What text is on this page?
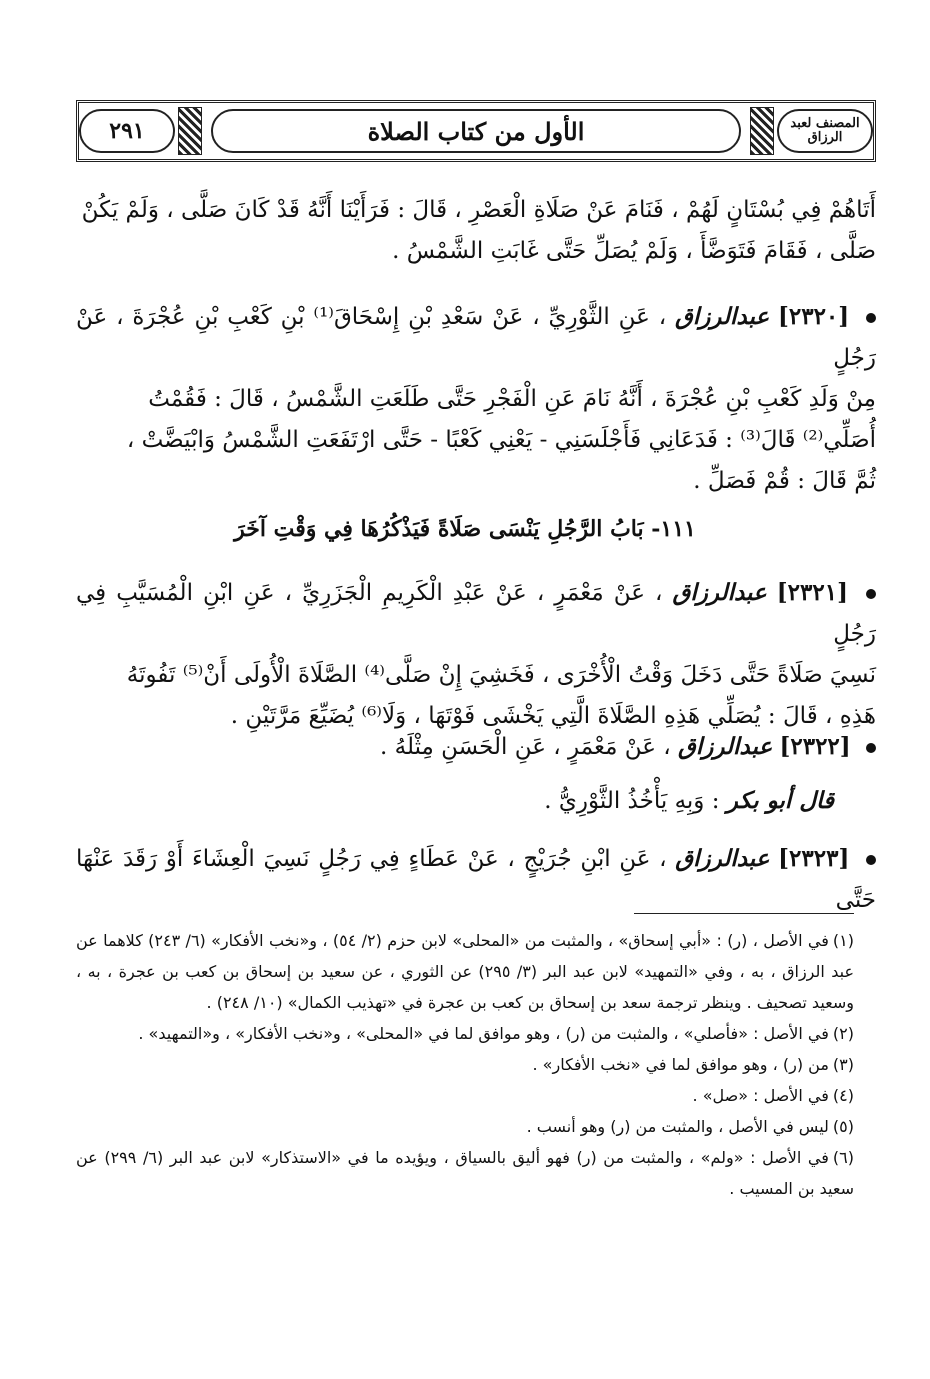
المصنف لعبد الرزاق
الأول من كتاب الصلاة
٢٩١
أَتَاهُمْ فِي بُسْتَانٍ لَهُمْ ، فَنَامَ عَنْ صَلَاةِ الْعَصْرِ ، قَالَ : فَرَأَيْنَا أَنَّهُ قَدْ كَانَ صَلَّى ، وَلَمْ يَكُنْ
صَلَّى ، فَقَامَ فَتَوَضَّأَ ، وَلَمْ يُصَلِّ حَتَّى غَابَتِ الشَّمْسُ .
[٢٣٢٠] عبدالرزاق ، عَنِ الثَّوْرِيِّ ، عَنْ سَعْدِ بْنِ إِسْحَاقَ⁽¹⁾ بْنِ كَعْبِ بْنِ عُجْرَةَ ، عَنْ رَجُلٍ
مِنْ وَلَدِ كَعْبِ بْنِ عُجْرَةَ ، أَنَّهُ نَامَ عَنِ الْفَجْرِ حَتَّى طَلَعَتِ الشَّمْسُ ، قَالَ : فَقُمْتُ
أُصَلِّي⁽²⁾ قَالَ⁽³⁾ : فَدَعَانِي فَأَجْلَسَنِي - يَعْنِي كَعْبًا - حَتَّى ارْتَفَعَتِ الشَّمْسُ وَابْيَضَّتْ ،
ثُمَّ قَالَ : قُمْ فَصَلِّ .
١١١- بَابُ الرَّجُلِ يَنْسَى صَلَاةً فَيَذْكُرُهَا فِي وَقْتِ آخَرَ
[٢٣٢١] عبدالرزاق ، عَنْ مَعْمَرٍ ، عَنْ عَبْدِ الْكَرِيمِ الْجَزَرِيِّ ، عَنِ ابْنِ الْمُسَيَّبِ فِي رَجُلٍ
نَسِيَ صَلَاةً حَتَّى دَخَلَ وَقْتُ الْأُخْرَى ، فَخَشِيَ إِنْ صَلَّى⁽⁴⁾ الصَّلَاةَ الْأُولَى أَنْ⁽⁵⁾ تَفُوتَهُ
هَذِهِ ، قَالَ : يُصَلِّي هَذِهِ الصَّلَاةَ الَّتِي يَخْشَى فَوْتَهَا ، وَلَا⁽⁶⁾ يُضَيِّعَ مَرَّتَيْنِ .
[٢٣٢٢] عبدالرزاق ، عَنْ مَعْمَرٍ ، عَنِ الْحَسَنِ مِثْلَهُ .
قال أبو بكر : وَبِهِ يَأْخُذُ الثَّوْرِيُّ .
[٢٣٢٣] عبدالرزاق ، عَنِ ابْنِ جُرَيْجٍ ، عَنْ عَطَاءٍ فِي رَجُلٍ نَسِيَ الْعِشَاءَ أَوْ رَقَدَ عَنْهَا حَتَّى

(١)في الأصل ، (ر) : «أبي إسحاق» ، والمثبت من «المحلى» لابن حزم (٢/ ٥٤) ، و«نخب الأفكار» (٦/ ٢٤٣) كلاهما عن عبد الرزاق ، به ، وفي «التمهيد» لابن عبد البر (٣/ ٢٩٥) عن الثوري ، عن سعيد بن إسحاق بن كعب بن عجرة ، به ، وسعيد تصحيف . وينظر ترجمة سعد بن إسحاق بن كعب بن عجرة في «تهذيب الكمال» (١٠/ ٢٤٨) .

(٢)في الأصل : «فأصلي» ، والمثبت من (ر) ، وهو موافق لما في «المحلى» ، و«نخب الأفكار» ، و«التمهيد» .

(٣)من (ر) ، وهو موافق لما في «نخب الأفكار» .

(٤)في الأصل : «صل» .

(٥)ليس في الأصل ، والمثبت من (ر) وهو أنسب .

(٦)في الأصل : «ولم» ، والمثبت من (ر) فهو أليق بالسياق ، ويؤيده ما في «الاستذكار» لابن عبد البر (٦/ ٢٩٩) عن سعيد بن المسيب .
